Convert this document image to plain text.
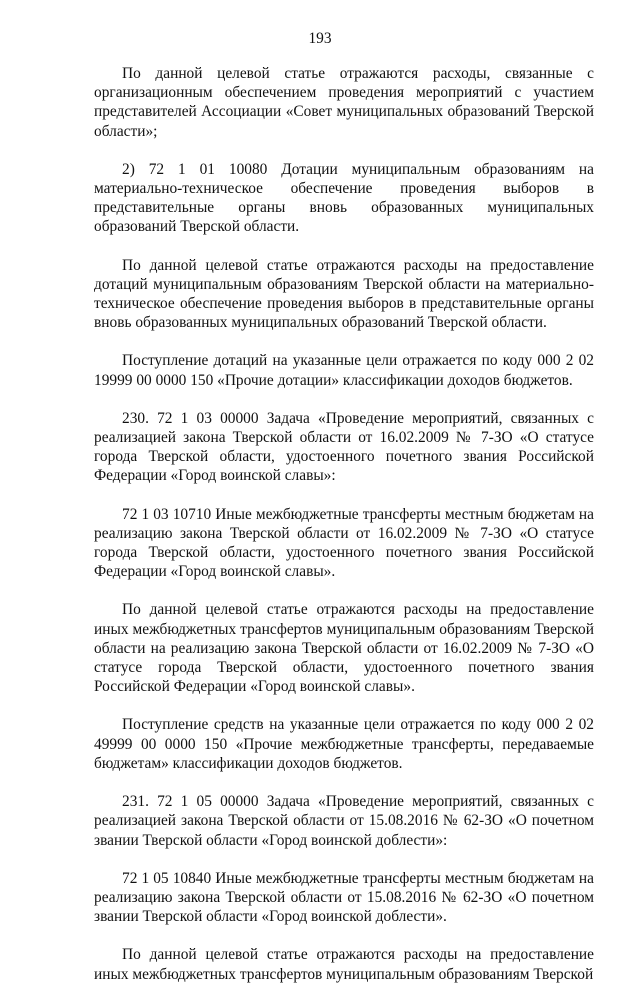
193

По данной целевой статье отражаются расходы, связанные с организационным обеспечением проведения мероприятий с участием представителей Ассоциации «Совет муниципальных образований Тверской области»;

2) 72 1 01 10080 Дотации муниципальным образованиям на материально-техническое обеспечение проведения выборов в представительные органы вновь образованных муниципальных образований Тверской области.

По данной целевой статье отражаются расходы на предоставление дотаций муниципальным образованиям Тверской области на материально-техническое обеспечение проведения выборов в представительные органы вновь образованных муниципальных образований Тверской области.

Поступление дотаций на указанные цели отражается по коду 000 2 02 19999 00 0000 150 «Прочие дотации» классификации доходов бюджетов.

230. 72 1 03 00000 Задача «Проведение мероприятий, связанных с реализацией закона Тверской области от 16.02.2009 № 7-ЗО «О статусе города Тверской области, удостоенного почетного звания Российской Федерации «Город воинской славы»:

72 1 03 10710 Иные межбюджетные трансферты местным бюджетам на реализацию закона Тверской области от 16.02.2009 № 7-ЗО «О статусе города Тверской области, удостоенного почетного звания Российской Федерации «Город воинской славы».

По данной целевой статье отражаются расходы на предоставление иных межбюджетных трансфертов муниципальным образованиям Тверской области на реализацию закона Тверской области от 16.02.2009 № 7-ЗО «О статусе города Тверской области, удостоенного почетного звания Российской Федерации «Город воинской славы».

Поступление средств на указанные цели отражается по коду 000 2 02 49999 00 0000 150 «Прочие межбюджетные трансферты, передаваемые бюджетам» классификации доходов бюджетов.

231. 72 1 05 00000 Задача «Проведение мероприятий, связанных с реализацией закона Тверской области от 15.08.2016 № 62-ЗО «О почетном звании Тверской области «Город воинской доблести»:

72 1 05 10840 Иные межбюджетные трансферты местным бюджетам на реализацию закона Тверской области от 15.08.2016 № 62-ЗО «О почетном звании Тверской области «Город воинской доблести».

По данной целевой статье отражаются расходы на предоставление иных межбюджетных трансфертов муниципальным образованиям Тверской
